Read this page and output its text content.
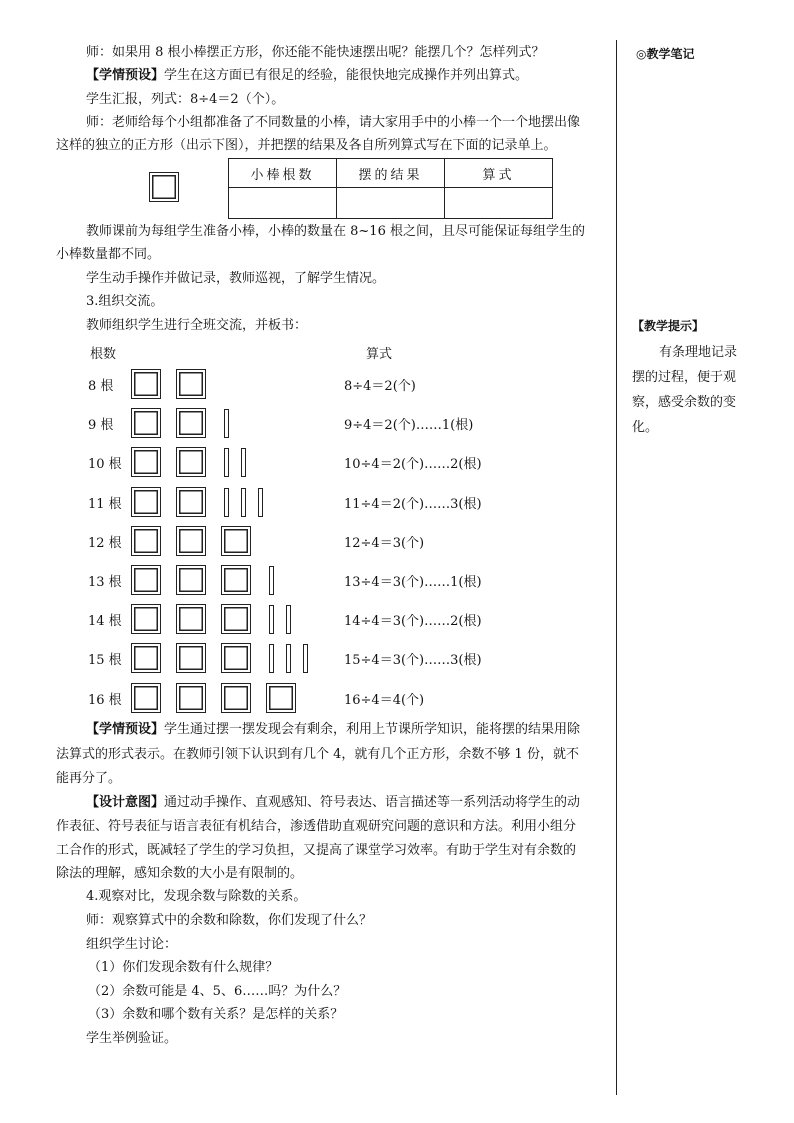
师：如果用 8 根小棒摆正方形，你还能不能快速摆出呢？能摆几个？怎样列式？
【学情预设】学生在这方面已有很足的经验，能很快地完成操作并列出算式。
学生汇报，列式：8÷4＝2（个）。
师：老师给每个小组都准备了不同数量的小棒，请大家用手中的小棒一个一个地摆出像
这样的独立的正方形（出示下图），并把摆的结果及各自所列算式写在下面的记录单上。
小棒根数	摆的结果	算式

教师课前为每组学生准备小棒，小棒的数量在 8~16 根之间，且尽可能保证每组学生的
小棒数量都不同。
学生动手操作并做记录，教师巡视，了解学生情况。
3.组织交流。
教师组织学生进行全班交流，并板书：
根数	算式
8 根	8÷4＝2(个)
9 根	9÷4＝2(个)……1(根)
10 根	10÷4＝2(个)……2(根)
11 根	11÷4＝2(个)……3(根)
12 根	12÷4＝3(个)
13 根	13÷4＝3(个)……1(根)
14 根	14÷4＝3(个)……2(根)
15 根	15÷4＝3(个)……3(根)
16 根	16÷4＝4(个)
【学情预设】学生通过摆一摆发现会有剩余，利用上节课所学知识，能将摆的结果用除
法算式的形式表示。在教师引领下认识到有几个 4，就有几个正方形，余数不够 1 份，就不
能再分了。
【设计意图】通过动手操作、直观感知、符号表达、语言描述等一系列活动将学生的动
作表征、符号表征与语言表征有机结合，渗透借助直观研究问题的意识和方法。利用小组分
工合作的形式，既减轻了学生的学习负担，又提高了课堂学习效率。有助于学生对有余数的
除法的理解，感知余数的大小是有限制的。
4.观察对比，发现余数与除数的关系。
师：观察算式中的余数和除数，你们发现了什么？
组织学生讨论：
（1）你们发现余数有什么规律？
（2）余数可能是 4、5、6……吗？为什么？
（3）余数和哪个数有关系？是怎样的关系？
学生举例验证。
◎教学笔记
【教学提示】
有条理地记录摆的过程，便于观察，感受余数的变化。
